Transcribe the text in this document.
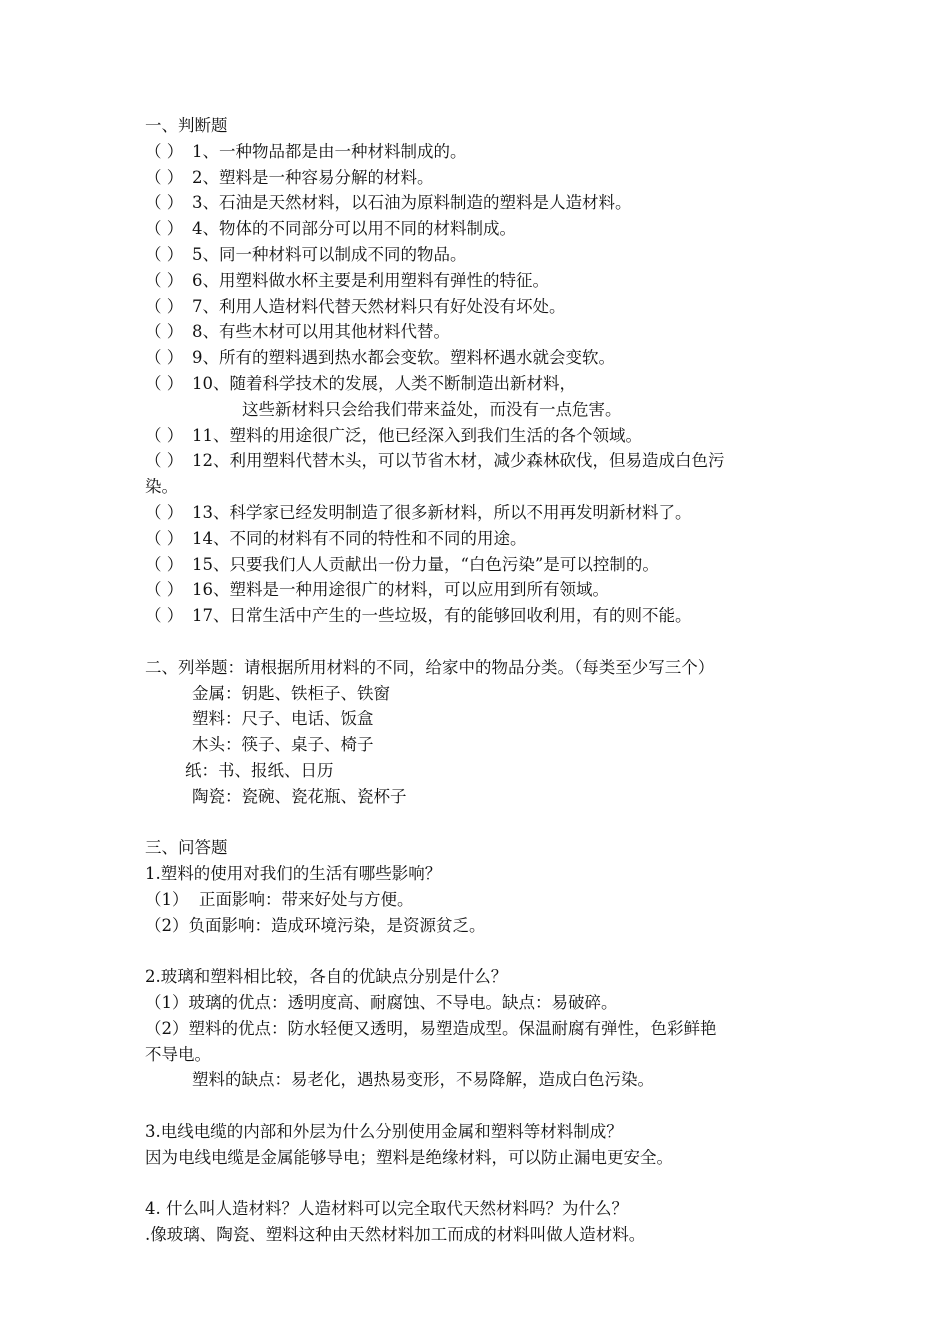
一、判断题
（ ） 1、一种物品都是由一种材料制成的。
（ ） 2、塑料是一种容易分解的材料。
（ ） 3、石油是天然材料，以石油为原料制造的塑料是人造材料。
（ ） 4、物体的不同部分可以用不同的材料制成。
（ ） 5、同一种材料可以制成不同的物品。
（ ） 6、用塑料做水杯主要是利用塑料有弹性的特征。
（ ） 7、利用人造材料代替天然材料只有好处没有坏处。
（ ） 8、有些木材可以用其他材料代替。
（ ） 9、所有的塑料遇到热水都会变软。塑料杯遇水就会变软。
（ ） 10、随着科学技术的发展，人类不断制造出新材料，
这些新材料只会给我们带来益处，而没有一点危害。
（ ） 11、塑料的用途很广泛，他已经深入到我们生活的各个领域。
（ ） 12、利用塑料代替木头，可以节省木材，减少森林砍伐，但易造成白色污
染。
（ ） 13、科学家已经发明制造了很多新材料，所以不用再发明新材料了。
（ ） 14、不同的材料有不同的特性和不同的用途。
（ ） 15、只要我们人人贡献出一份力量，“白色污染”是可以控制的。
（ ） 16、塑料是一种用途很广的材料，可以应用到所有领域。
（ ） 17、日常生活中产生的一些垃圾，有的能够回收利用，有的则不能。
二、列举题：请根据所用材料的不同，给家中的物品分类。（每类至少写三个）
金属：钥匙、铁柜子、铁窗
塑料：尺子、电话、饭盒
木头：筷子、桌子、椅子
纸：书、报纸、日历
陶瓷：瓷碗、瓷花瓶、瓷杯子
三、问答题
1.塑料的使用对我们的生活有哪些影响？
（1）  正面影响：带来好处与方便。
（2）负面影响：造成环境污染，是资源贫乏。
2.玻璃和塑料相比较，各自的优缺点分别是什么？
（1）玻璃的优点：透明度高、耐腐蚀、不导电。缺点：易破碎。
（2）塑料的优点：防水轻便又透明，易塑造成型。保温耐腐有弹性，色彩鲜艳
不导电。
塑料的缺点：易老化，遇热易变形，不易降解，造成白色污染。
3.电线电缆的内部和外层为什么分别使用金属和塑料等材料制成？
因为电线电缆是金属能够导电；塑料是绝缘材料，可以防止漏电更安全。
4. 什么叫人造材料？人造材料可以完全取代天然材料吗？为什么？
.像玻璃、陶瓷、塑料这种由天然材料加工而成的材料叫做人造材料。
